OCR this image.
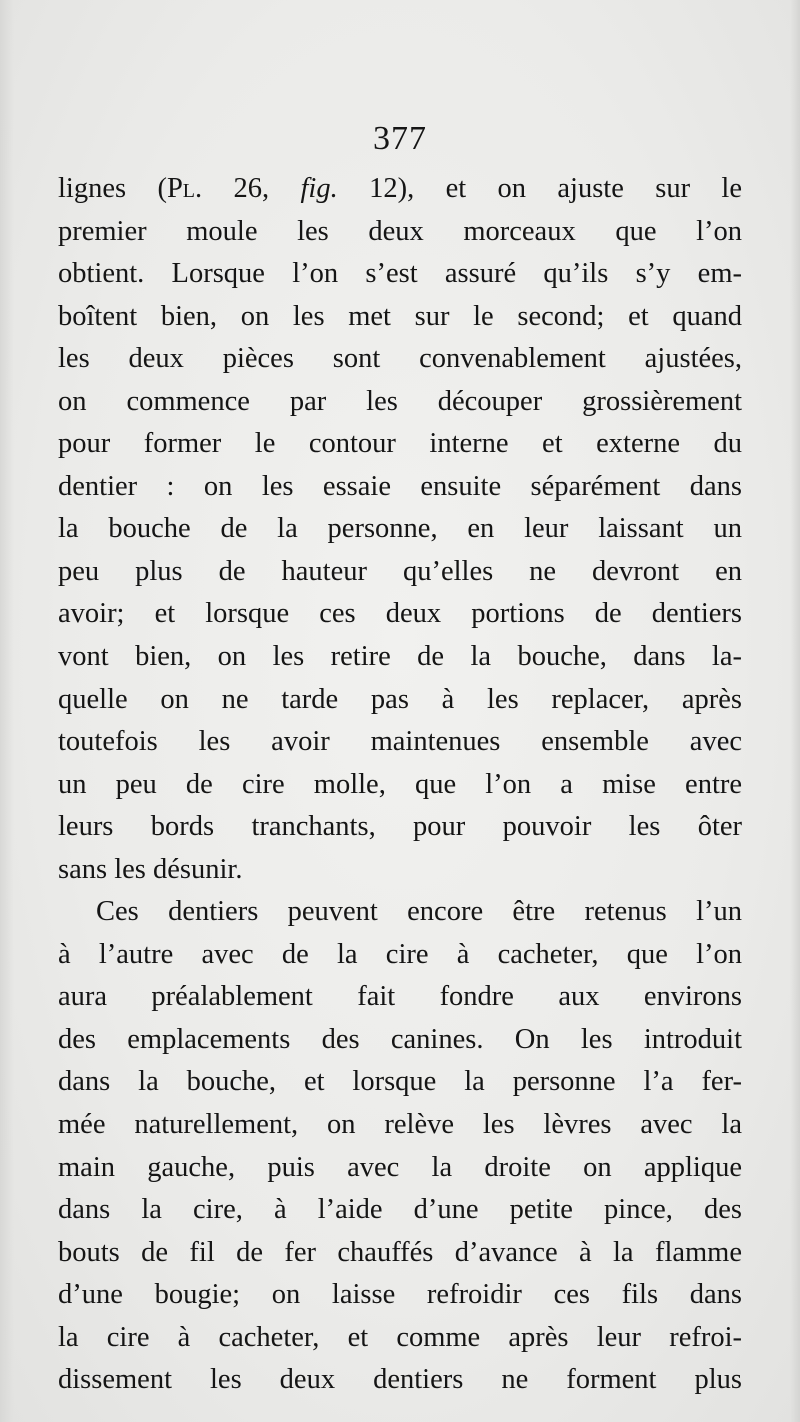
377
lignes (Pl. 26, fig. 12), et on ajuste sur le
premier moule les deux morceaux que l’on
obtient. Lorsque l’on s’est assuré qu’ils s’y em-
boîtent bien, on les met sur le second; et quand
les deux pièces sont convenablement ajustées,
on commence par les découper grossièrement
pour former le contour interne et externe du
dentier : on les essaie ensuite séparément dans
la bouche de la personne, en leur laissant un
peu plus de hauteur qu’elles ne devront en
avoir; et lorsque ces deux portions de dentiers
vont bien, on les retire de la bouche, dans la-
quelle on ne tarde pas à les replacer, après
toutefois les avoir maintenues ensemble avec
un peu de cire molle, que l’on a mise entre
leurs bords tranchants, pour pouvoir les ôter
sans les désunir.
Ces dentiers peuvent encore être retenus l’un
à l’autre avec de la cire à cacheter, que l’on
aura préalablement fait fondre aux environs
des emplacements des canines. On les introduit
dans la bouche, et lorsque la personne l’a fer-
mée naturellement, on relève les lèvres avec la
main gauche, puis avec la droite on applique
dans la cire, à l’aide d’une petite pince, des
bouts de fil de fer chauffés d’avance à la flamme
d’une bougie; on laisse refroidir ces fils dans
la cire à cacheter, et comme après leur refroi-
dissement les deux dentiers ne forment plus
